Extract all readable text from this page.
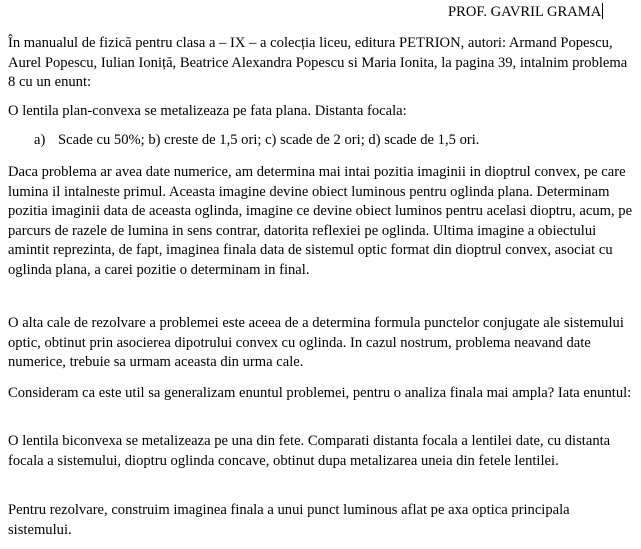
PROF. GAVRIL GRAMA

În manualul de fizică pentru clasa a – IX – a colecția liceu, editura PETRION, autori: Armand Popescu, Aurel Popescu, Iulian Ioniță, Beatrice Alexandra Popescu si Maria Ionita, la pagina 39, intalnim problema 8 cu un enunt:

O lentila plan-convexa se metalizeaza pe fata plana. Distanta focala:

a) Scade cu 50%; b) creste de 1,5 ori; c) scade de 2 ori; d) scade de 1,5 ori.

Daca problema ar avea date numerice, am determina mai intai pozitia imaginii in dioptrul convex, pe care lumina il intalneste primul. Aceasta imagine devine obiect luminous pentru oglinda plana. Determinam pozitia imaginii data de aceasta oglinda, imagine ce devine obiect luminos pentru acelasi dioptru, acum, pe parcurs de razele de lumina in sens contrar, datorita reflexiei pe oglinda. Ultima imagine a obiectului amintit reprezinta, de fapt, imaginea finala data de sistemul optic format din dioptrul convex, asociat cu oglinda plana, a carei pozitie o determinam in final.

O alta cale de rezolvare a problemei este aceea de a determina formula punctelor conjugate ale sistemului optic, obtinut prin asocierea dipotrului convex cu oglinda. In cazul nostrum, problema neavand date numerice, trebuie sa urmam aceasta din urma cale.

Consideram ca este util sa generalizam enuntul problemei, pentru o analiza finala mai ampla? Iata enuntul:

O lentila biconvexa se metalizeaza pe una din fete. Comparati distanta focala a lentilei date, cu distanta focala a sistemului, dioptru oglinda concave, obtinut dupa metalizarea uneia din fetele lentilei.

Pentru rezolvare, construim imaginea finala a unui punct luminous aflat pe axa optica principala sistemului.
